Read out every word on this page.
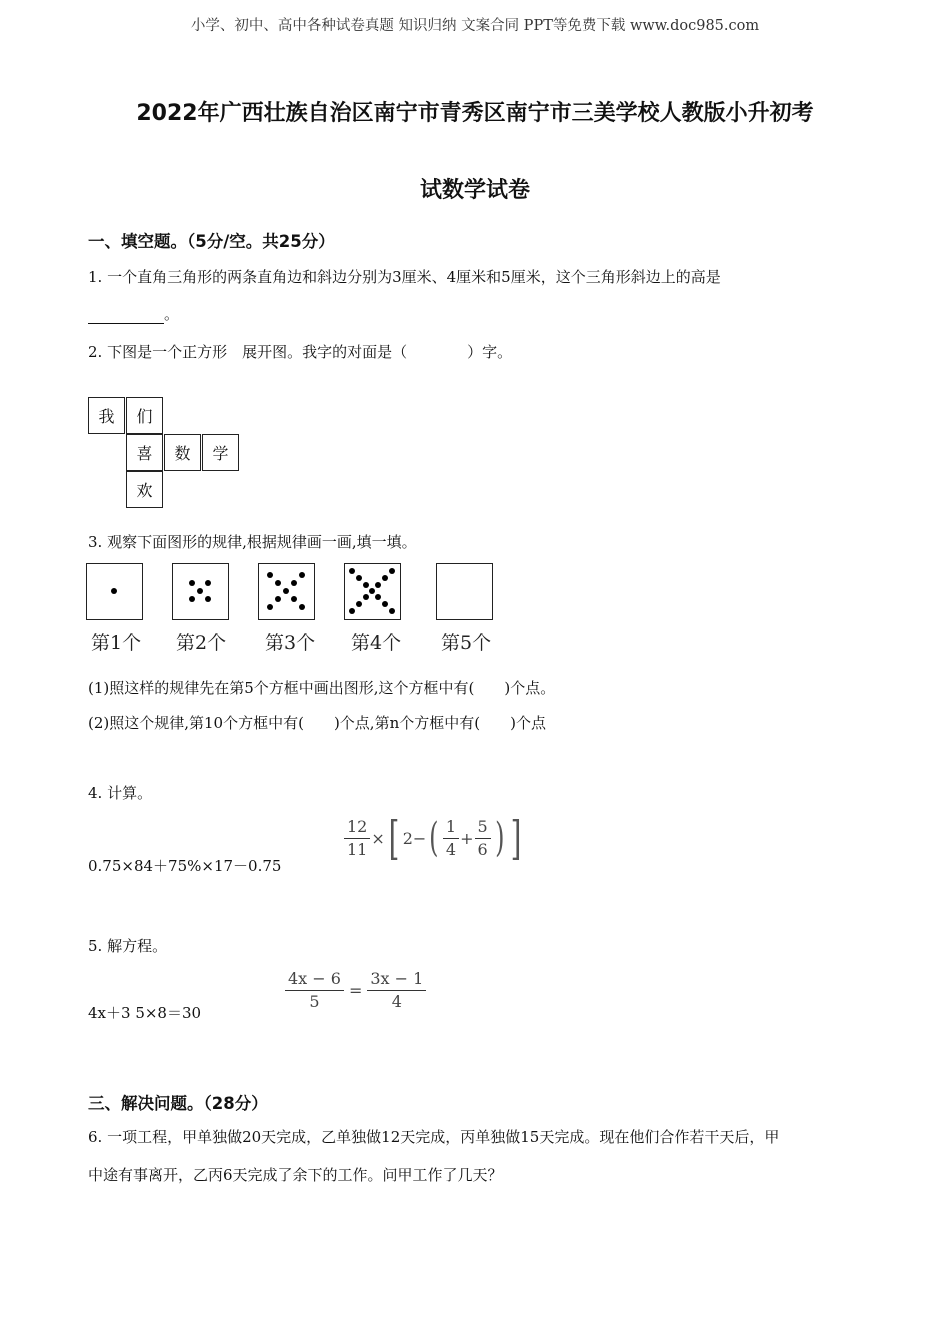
小学、初中、高中各种试卷真题 知识归纳 文案合同 PPT等免费下载 www.doc985.com
2022年广西壮族自治区南宁市青秀区南宁市三美学校人教版小升初考
试数学试卷
一、填空题。（5分/空。共25分）
1. 一个直角三角形的两条直角边和斜边分别为3厘米、4厘米和5厘米，这个三角形斜边上的高是
。
2. 下图是一个正方形　展开图。我字的对面是（　　　　）字。
我	们
喜	数	学
欢
3. 观察下面图形的规律,根据规律画一画,填一填。
第1个 第2个 第3个 第4个 第5个
(1)照这样的规律先在第5个方框中画出图形,这个方框中有(　　)个点。
(2)照这个规律,第10个方框中有(　　)个点,第n个方框中有(　　)个点
4. 计算。
0.75×84＋75%×17－0.75
$\frac{12}{11}$ × [ 2 − ( $\frac{1}{4} + \frac{5}{6}$ ) ]
5. 解方程。
4x＋3 5×8＝30	$\frac{4x - 6}{5} = \frac{3x - 1}{4}$
三、解决问题。（28分）
6. 一项工程，甲单独做20天完成，乙单独做12天完成，丙单独做15天完成。现在他们合作若干天后，甲
中途有事离开，乙丙6天完成了余下的工作。问甲工作了几天？
